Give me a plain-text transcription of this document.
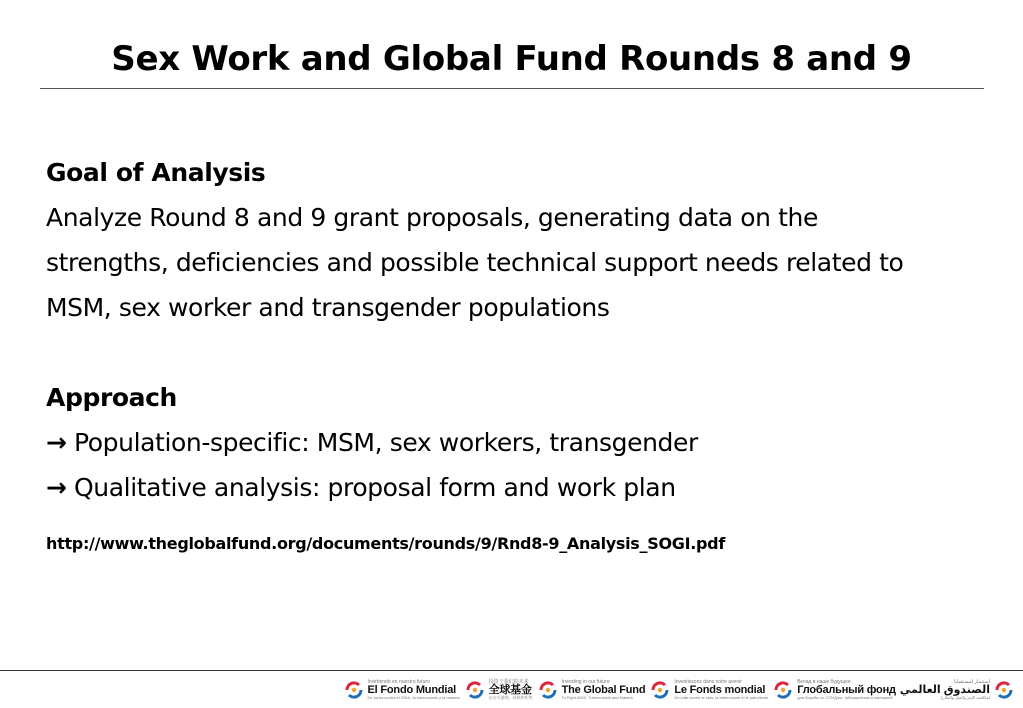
Sex Work and Global Fund Rounds 8 and 9
Goal of Analysis
Analyze Round 8 and 9 grant proposals, generating data on the
strengths, deficiencies and possible technical support needs related to
MSM, sex worker and transgender populations
Approach
→ Population-specific: MSM, sex workers, transgender
→ Qualitative analysis: proposal form and work plan
http://www.theglobalfund.org/documents/rounds/9/Rnd8-9_Analysis_SOGI.pdf
Invirtiendo en nuestro futuro
El Fondo Mundial
De lucha contra el SIDA, la tuberculosis y la malaria
投资于我们的未来
全球基金
抗击艾滋病、结核和疟疾
Investing in our future
The Global Fund
To Fight AIDS, Tuberculosis and Malaria
Investissons dans notre avenir
Le Fonds mondial
De lutte contre le sida, la tuberculose et le paludisme
Вклад в наше будущее
Глобальный фонд
для борьбы со СПИДом, туберкулезом и малярией
استثمار لمستقبلنا
الصندوق العالمي
لمكافحة الإيدز والسل والملاريا
